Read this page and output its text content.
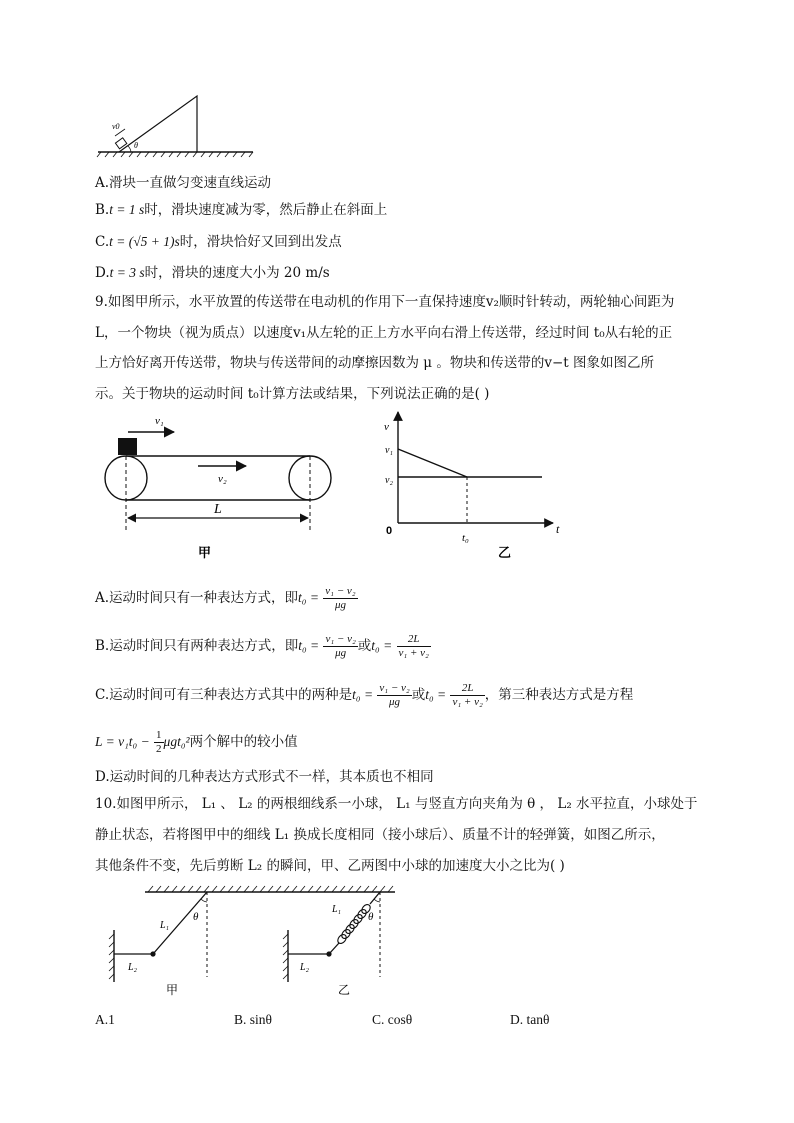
v0
θ
A.滑块一直做匀变速直线运动
B.t = 1 s时，滑块速度减为零，然后静止在斜面上
C.t = (√5 + 1)s时，滑块恰好又回到出发点
D.t = 3 s时，滑块的速度大小为 20 m/s
9.如图甲所示，水平放置的传送带在电动机的作用下一直保持速度v₂顺时针转动，两轮轴心间距为
L，一个物块（视为质点）以速度v₁从左轮的正上方水平向右滑上传送带，经过时间 t₀从右轮的正
上方恰好离开传送带，物块与传送带间的动摩擦因数为 μ 。物块和传送带的v−t 图象如图乙所
示。关于物块的运动时间 t₀计算方法或结果，下列说法正确的是( )
v₁
v₂
L
甲
v
t
0
v₁
v₂
t₀
乙
A.运动时间只有一种表达方式，即$t_0 = \frac{\text{v₁ − v₂}}{\mu g}$
B.运动时间只有两种表达方式，即$t_0 = \frac{\text{v₁ − v₂}}{\mu g}$ 或$t_0 = \frac{2L}{\text{v₁ + v₂}}$
C.运动时间可有三种表达方式其中的两种是$t_0 = \frac{\text{v₁ − v₂}}{\mu g}$ 或$t_0 = \frac{2L}{\text{v₁ + v₂}}$ ，第三种表达方式是方程
$L = v_1t_0 - \frac{1}{2} \mu gt_0^2$两个解中的较小值
D.运动时间的几种表达方式形式不一样，其本质也不相同
10.如图甲所示， L₁ 、 L₂ 的两根细线系一小球， L₁ 与竖直方向夹角为 θ ， L₂ 水平拉直，小球处于
静止状态，若将图甲中的细线 L₁ 换成长度相同（接小球后）、质量不计的轻弹簧，如图乙所示，
其他条件不变，先后剪断 L₂ 的瞬间，甲、乙两图中小球的加速度大小之比为( )
θ
L₁
L₂
甲
θ
L₁
L₂
乙
A.1	B. sinθ	C. cosθ	D. tanθ
